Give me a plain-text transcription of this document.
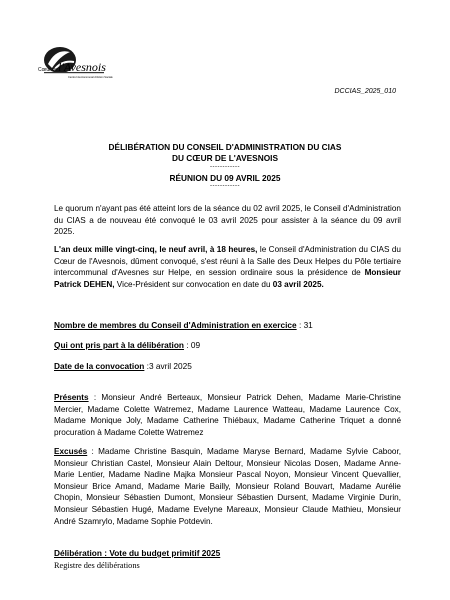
Cœur de l'Avesnois
Centre Intercommunal d'Action Sociale
DCCIAS_2025_010
DÉLIBÉRATION DU CONSEIL D'ADMINISTRATION DU CIAS
DU CŒUR DE L'AVESNOIS
------------
RÉUNION DU 09 AVRIL 2025
------------
Le quorum n'ayant pas été atteint lors de la séance du 02 avril 2025, le Conseil d'Administration du CIAS a de nouveau été convoqué le 03 avril 2025 pour assister à la séance du 09 avril 2025.
L'an deux mille vingt-cinq, le neuf avril, à 18 heures, le Conseil d'Administration du CIAS du Cœur de l'Avesnois, dûment convoqué, s'est réuni à la Salle des Deux Helpes du Pôle tertiaire intercommunal d'Avesnes sur Helpe, en session ordinaire sous la présidence de Monsieur Patrick DEHEN, Vice-Président sur convocation en date du 03 avril 2025.
Nombre de membres du Conseil d'Administration en exercice : 31
Qui ont pris part à la délibération : 09
Date de la convocation :3 avril 2025
Présents : Monsieur André Berteaux, Monsieur Patrick Dehen, Madame Marie-Christine Mercier, Madame Colette Watremez, Madame Laurence Watteau, Madame Laurence Cox, Madame Monique Joly, Madame Catherine Thiébaux, Madame Catherine Triquet a donné procuration à Madame Colette Watremez
Excusés : Madame Christine Basquin, Madame Maryse Bernard, Madame Sylvie Caboor, Monsieur Christian Castel, Monsieur Alain Deltour, Monsieur Nicolas Dosen, Madame Anne-Marie Lentier, Madame Nadine Majka Monsieur Pascal Noyon, Monsieur Vincent Quevallier, Monsieur Brice Amand, Madame Marie Bailly, Monsieur Roland Bouvart, Madame Aurélie Chopin, Monsieur Sébastien Dumont, Monsieur Sébastien Dursent, Madame Virginie Durin, Monsieur Sébastien Hugé, Madame Evelyne Mareaux, Monsieur Claude Mathieu, Monsieur André Szamrylo, Madame Sophie Potdevin.
Délibération : Vote du budget primitif 2025
Registre des délibérations
